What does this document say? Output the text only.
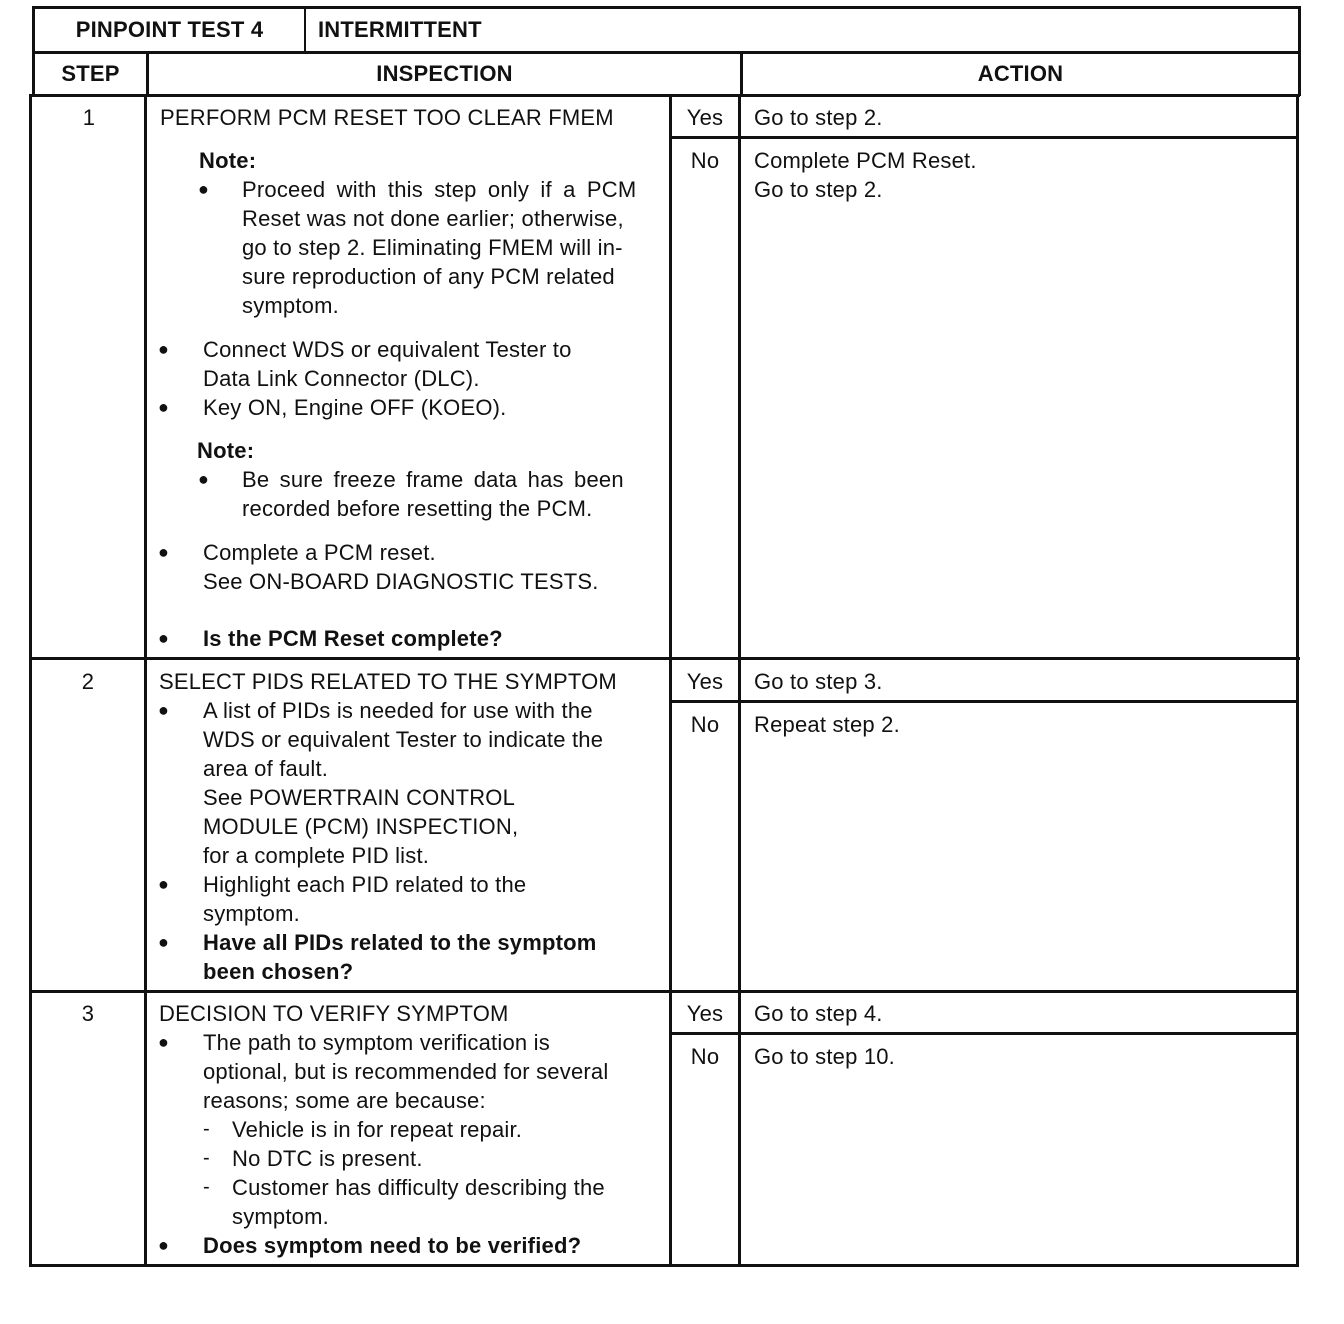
PINPOINT TEST 4	INTERMITTENT
STEP	INSPECTION	ACTION
1	PERFORM PCM RESET TOO CLEAR FMEM
Note:
● Proceed with this step only if a PCM
Reset was not done earlier; otherwise,
go to step 2. Eliminating FMEM will in-
sure reproduction of any PCM related
symptom.
● Connect WDS or equivalent Tester to
Data Link Connector (DLC).
● Key ON, Engine OFF (KOEO).
Note:
● Be sure freeze frame data has been
recorded before resetting the PCM.
● Complete a PCM reset.
See ON-BOARD DIAGNOSTIC TESTS.
● Is the PCM Reset complete?
Yes	Go to step 2.
No	Complete PCM Reset.
Go to step 2.
2	SELECT PIDS RELATED TO THE SYMPTOM
● A list of PIDs is needed for use with the
WDS or equivalent Tester to indicate the
area of fault.
See POWERTRAIN CONTROL
MODULE (PCM) INSPECTION,
for a complete PID list.
● Highlight each PID related to the
symptom.
● Have all PIDs related to the symptom
been chosen?
Yes	Go to step 3.
No	Repeat step 2.
3	DECISION TO VERIFY SYMPTOM
● The path to symptom verification is
optional, but is recommended for several
reasons; some are because:
- Vehicle is in for repeat repair.
- No DTC is present.
- Customer has difficulty describing the
symptom.
● Does symptom need to be verified?
Yes	Go to step 4.
No	Go to step 10.
